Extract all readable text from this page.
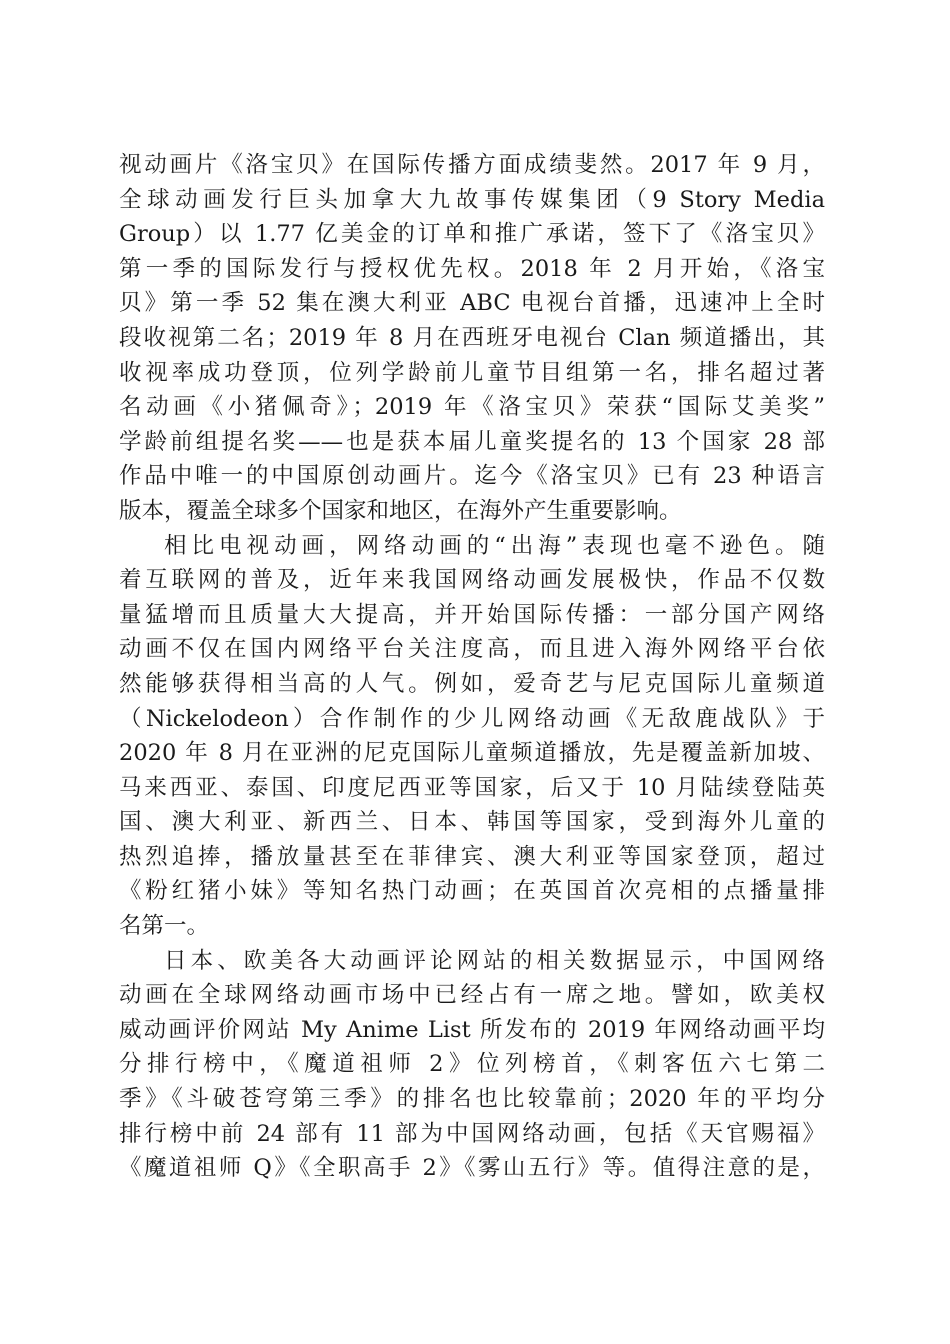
视动画片《洛宝贝》在国际传播方面成绩斐然。2017 年 9 月，
全球动画发行巨头加拿大九故事传媒集团（9 Story Media
Group）以 1.77 亿美金的订单和推广承诺，签下了《洛宝贝》
第一季的国际发行与授权优先权。2018 年 2 月开始，《洛宝
贝》第一季 52 集在澳大利亚 ABC 电视台首播，迅速冲上全时
段收视第二名；2019 年 8 月在西班牙电视台 Clan 频道播出，其
收视率成功登顶，位列学龄前儿童节目组第一名，排名超过著
名动画《小猪佩奇》；2019 年《洛宝贝》荣获“国际艾美奖”
学龄前组提名奖——也是获本届儿童奖提名的 13 个国家 28 部
作品中唯一的中国原创动画片。迄今《洛宝贝》已有 23 种语言
版本，覆盖全球多个国家和地区，在海外产生重要影响。
相比电视动画，网络动画的“出海”表现也毫不逊色。随
着互联网的普及，近年来我国网络动画发展极快，作品不仅数
量猛增而且质量大大提高，并开始国际传播：一部分国产网络
动画不仅在国内网络平台关注度高，而且进入海外网络平台依
然能够获得相当高的人气。例如，爱奇艺与尼克国际儿童频道
（Nickelodeon）合作制作的少儿网络动画《无敌鹿战队》于
2020 年 8 月在亚洲的尼克国际儿童频道播放，先是覆盖新加坡、
马来西亚、泰国、印度尼西亚等国家，后又于 10 月陆续登陆英
国、澳大利亚、新西兰、日本、韩国等国家，受到海外儿童的
热烈追捧，播放量甚至在菲律宾、澳大利亚等国家登顶，超过
《粉红猪小妹》等知名热门动画；在英国首次亮相的点播量排
名第一。
日本、欧美各大动画评论网站的相关数据显示，中国网络
动画在全球网络动画市场中已经占有一席之地。譬如，欧美权
威动画评价网站 My Anime List 所发布的 2019 年网络动画平均
分排行榜中，《魔道祖师 2》位列榜首，《刺客伍六七第二
季》《斗破苍穹第三季》的排名也比较靠前；2020 年的平均分
排行榜中前 24 部有 11 部为中国网络动画，包括《天官赐福》
《魔道祖师 Q》《全职高手 2》《雾山五行》等。值得注意的是，
